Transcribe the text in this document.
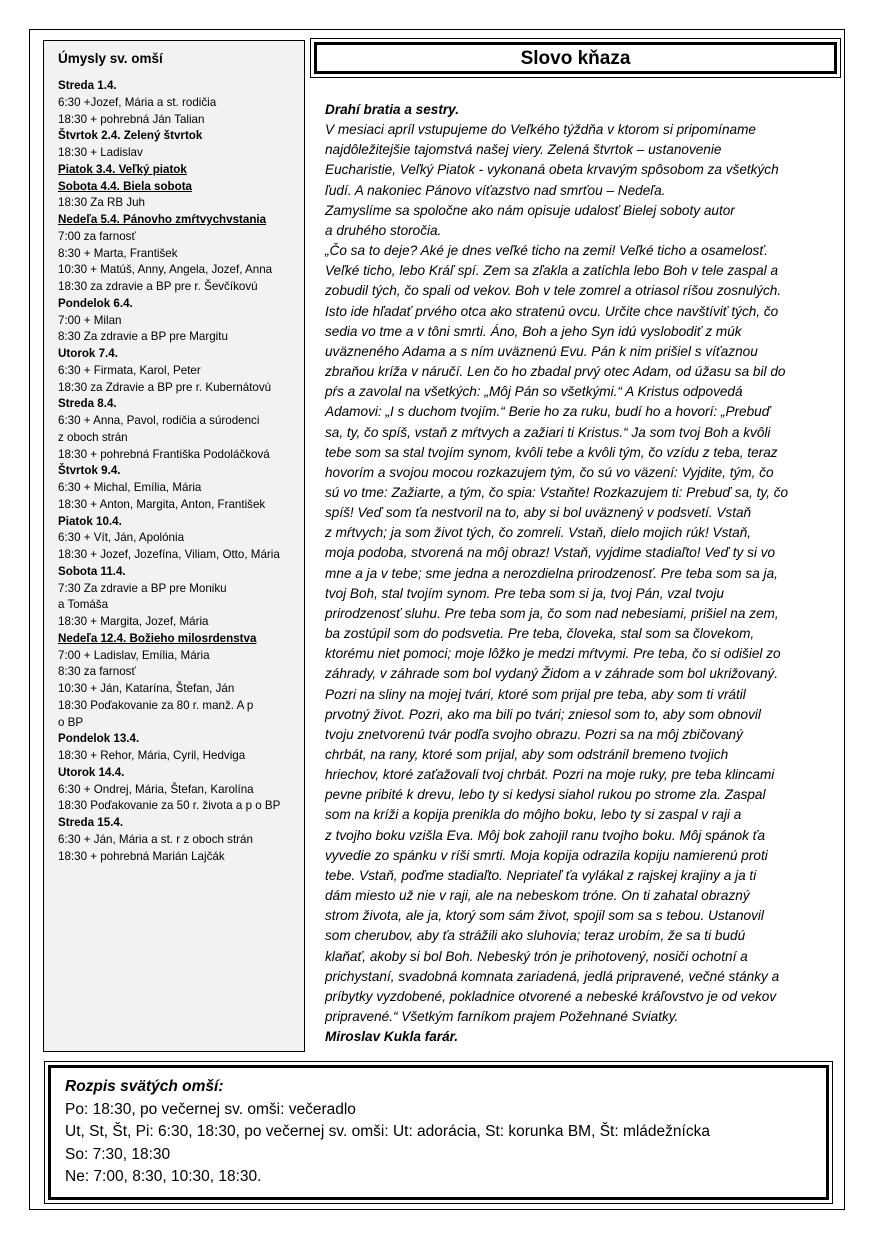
Úmysly sv. omší
Streda 1.4.
6:30 +Jozef, Mária a st. rodičia
18:30 + pohrebná Ján Talian
Štvrtok 2.4. Zelený štvrtok
18:30 + Ladislav
Piatok 3.4. Veľký piatok
Sobota 4.4. Biela sobota
18:30 Za RB Juh
Nedeľa 5.4. Pánovho zmŕtvychvstania
7:00 za farnosť
8:30 + Marta, František
10:30 + Matúš, Anny, Angela, Jozef, Anna
18:30 za zdravie a BP pre r. Ševčíkovú
Pondelok 6.4.
7:00 + Milan
8:30 Za zdravie a BP pre Margitu
Utorok 7.4.
6:30 + Firmata, Karol, Peter
18:30 za Zdravie a BP pre r. Kubernátovú
Streda 8.4.
6:30 + Anna, Pavol, rodičia a súrodenci
z oboch strán
18:30 + pohrebná Františka Podoláčková
Štvrtok 9.4.
6:30 + Michal, Emília, Mária
18:30 + Anton, Margita, Anton, František
Piatok 10.4.
6:30 + Vít, Ján, Apolónia
18:30 + Jozef, Jozefína, Viliam, Otto, Mária
Sobota 11.4.
7:30 Za zdravie a BP pre Moniku
a Tomáša
18:30 + Margita, Jozef, Mária
Nedeľa 12.4. Božieho milosrdenstva
7:00 + Ladislav, Emília, Mária
8:30 za farnosť
10:30 + Ján, Katarína, Štefan, Ján
18:30 Poďakovanie za 80 r. manž. A p
o BP
Pondelok 13.4.
18:30 + Rehor, Mária, Cyril, Hedviga
Utorok 14.4.
6:30 + Ondrej, Mária, Štefan, Karolína
18:30 Poďakovanie za 50 r. života a p o BP
Streda 15.4.
6:30 + Ján, Mária a st. r z oboch strán
18:30 + pohrebná Marián Lajčák
Slovo kňaza
Drahí bratia a sestry.
V mesiaci apríl vstupujeme do Veľkého týždňa v ktorom si pripomíname
najdôležitejšie tajomstvá našej viery. Zelená štvrtok – ustanovenie
Eucharistie, Veľký Piatok - vykonaná obeta krvavým spôsobom za všetkých
ľudí. A nakoniec Pánovo víťazstvo nad smrťou – Nedeľa.
Zamyslíme sa spoločne ako nám opisuje udalosť Bielej soboty autor
a druhého storočia.
„Čo sa to deje? Aké je dnes veľké ticho na zemi! Veľké ticho a osamelosť.
Veľké ticho, lebo Kráľ spí. Zem sa zľakla a zatíchla lebo Boh v tele zaspal a
zobudil tých, čo spali od vekov. Boh v tele zomrel a otriasol ríšou zosnulých.
Isto ide hľadať prvého otca ako stratenú ovcu. Určite chce navštíviť tých, čo
sedia vo tme a v tôni smrti. Áno, Boh a jeho Syn idú vyslobodiť z múk
uväzneného Adama a s ním uväznenú Evu. Pán k nim prišiel s víťaznou
zbraňou kríža v náručí. Len čo ho zbadal prvý otec Adam, od úžasu sa bil do
pŕs a zavolal na všetkých: „Môj Pán so všetkými.“ A Kristus odpovedá
Adamovi: „I s duchom tvojím.“ Berie ho za ruku, budí ho a hovorí: „Prebuď
sa, ty, čo spíš, vstaň z mŕtvych a zažiari ti Kristus.“ Ja som tvoj Boh a kvôli
tebe som sa stal tvojím synom, kvôli tebe a kvôli tým, čo vzídu z teba, teraz
hovorím a svojou mocou rozkazujem tým, čo sú vo väzení: Vyjdite, tým, čo
sú vo tme: Zažiarte, a tým, čo spia: Vstaňte! Rozkazujem ti: Prebuď sa, ty, čo
spíš! Veď som ťa nestvoril na to, aby si bol uväznený v podsvetí. Vstaň
z mŕtvych; ja som život tých, čo zomreli. Vstaň, dielo mojich rúk! Vstaň,
moja podoba, stvorená na môj obraz! Vstaň, vyjdime stadiaľto! Veď ty si vo
mne a ja v tebe; sme jedna a nerozdielna prirodzenosť. Pre teba som sa ja,
tvoj Boh, stal tvojím synom. Pre teba som si ja, tvoj Pán, vzal tvoju
prirodzenosť sluhu. Pre teba som ja, čo som nad nebesiami, prišiel na zem,
ba zostúpil som do podsvetia. Pre teba, človeka, stal som sa človekom,
ktorému niet pomoci; moje lôžko je medzi mŕtvymi. Pre teba, čo si odišiel zo
záhrady, v záhrade som bol vydaný Židom a v záhrade som bol ukrižovaný.
Pozri na sliny na mojej tvári, ktoré som prijal pre teba, aby som ti vrátil
prvotný život. Pozri, ako ma bili po tvári; zniesol som to, aby som obnovil
tvoju znetvorenú tvár podľa svojho obrazu. Pozri sa na môj zbičovaný
chrbát, na rany, ktoré som prijal, aby som odstránil bremeno tvojich
hriechov, ktoré zaťažovali tvoj chrbát. Pozri na moje ruky, pre teba klincami
pevne pribité k drevu, lebo ty si kedysi siahol rukou po strome zla. Zaspal
som na kríži a kopija prenikla do môjho boku, lebo ty si zaspal v raji a
z tvojho boku vzišla Eva. Môj bok zahojil ranu tvojho boku. Môj spánok ťa
vyvedie zo spánku v ríši smrti. Moja kopija odrazila kopiju namierenú proti
tebe. Vstaň, poďme stadiaľto. Nepriateľ ťa vylákal z rajskej krajiny a ja ti
dám miesto už nie v raji, ale na nebeskom tróne. On ti zahatal obrazný
strom života, ale ja, ktorý som sám život, spojil som sa s tebou. Ustanovil
som cherubov, aby ťa strážili ako sluhovia; teraz urobím, že sa ti budú
klaňať, akoby si bol Boh. Nebeský trón je prihotovený, nosiči ochotní a
prichystaní, svadobná komnata zariadená, jedlá pripravené, večné stánky a
príbytky vyzdobené, pokladnice otvorené a nebeské kráľovstvo je od vekov
pripravené.“ Všetkým farníkom prajem Požehnané Sviatky.
Miroslav Kukla farár.
Rozpis svätých omší:
Po: 18:30, po večernej sv. omši: večeradlo
Ut, St, Št, Pi: 6:30, 18:30, po večernej sv. omši: Ut: adorácia, St: korunka BM, Št: mládežnícka
So: 7:30, 18:30
Ne: 7:00, 8:30, 10:30, 18:30.
